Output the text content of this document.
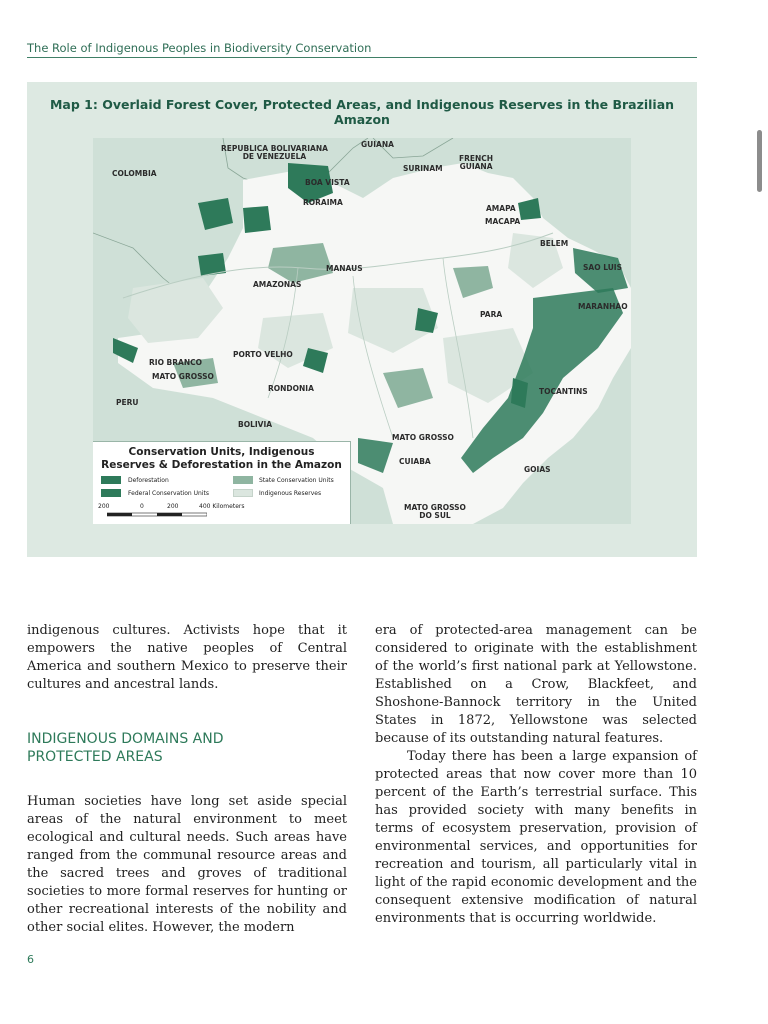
The Role of Indigenous Peoples in Biodiversity Conservation
Map 1: Overlaid Forest Cover, Protected Areas, and Indigenous Reserves in the Brazilian Amazon
COLOMBIA
REPUBLICA BOLIVARIANA
DE VENEZUELA
GUIANA
SURINAM
FRENCH
GUIANA
BOA VISTA
RORAIMA
AMAPA
MACAPA
BELEM
SAO LUIS
MANAUS
AMAZONAS
PARA
MARANHAO
PORTO VELHO
RIO BRANCO
MATO GROSSO
RONDONIA
PERU
TOCANTINS
BOLIVIA
MATO GROSSO
CUIABA
GOIAS
MATO GROSSO
DO SUL
Conservation Units, Indigenous
Reserves & Deforestation in the Amazon
Deforestation	State Conservation Units
Federal Conservation Units	Indigenous Reserves
200	0	200	400 Kilometers

indigenous cultures. Activists hope that it empowers the native peoples of Central America and southern Mexico to preserve their cultures and ancestral lands.

INDIGENOUS DOMAINS AND
PROTECTED AREAS

Human societies have long set aside special areas of the natural environment to meet ecological and cultural needs. Such areas have ranged from the communal resource areas and the sacred trees and groves of traditional societies to more formal reserves for hunting or other recreational interests of the nobility and other social elites. However, the modern

era of protected-area management can be considered to originate with the establishment of the world’s first national park at Yellowstone. Established on a Crow, Blackfeet, and Shoshone-Bannock territory in the United States in 1872, Yellowstone was selected because of its outstanding natural features.

Today there has been a large expansion of protected areas that now cover more than 10 percent of the Earth’s terrestrial surface. This has provided society with many benefits in terms of ecosystem preservation, provision of environmental services, and opportunities for recreation and tourism, all particularly vital in light of the rapid economic development and the consequent extensive modification of natural environments that is occurring worldwide.

6
